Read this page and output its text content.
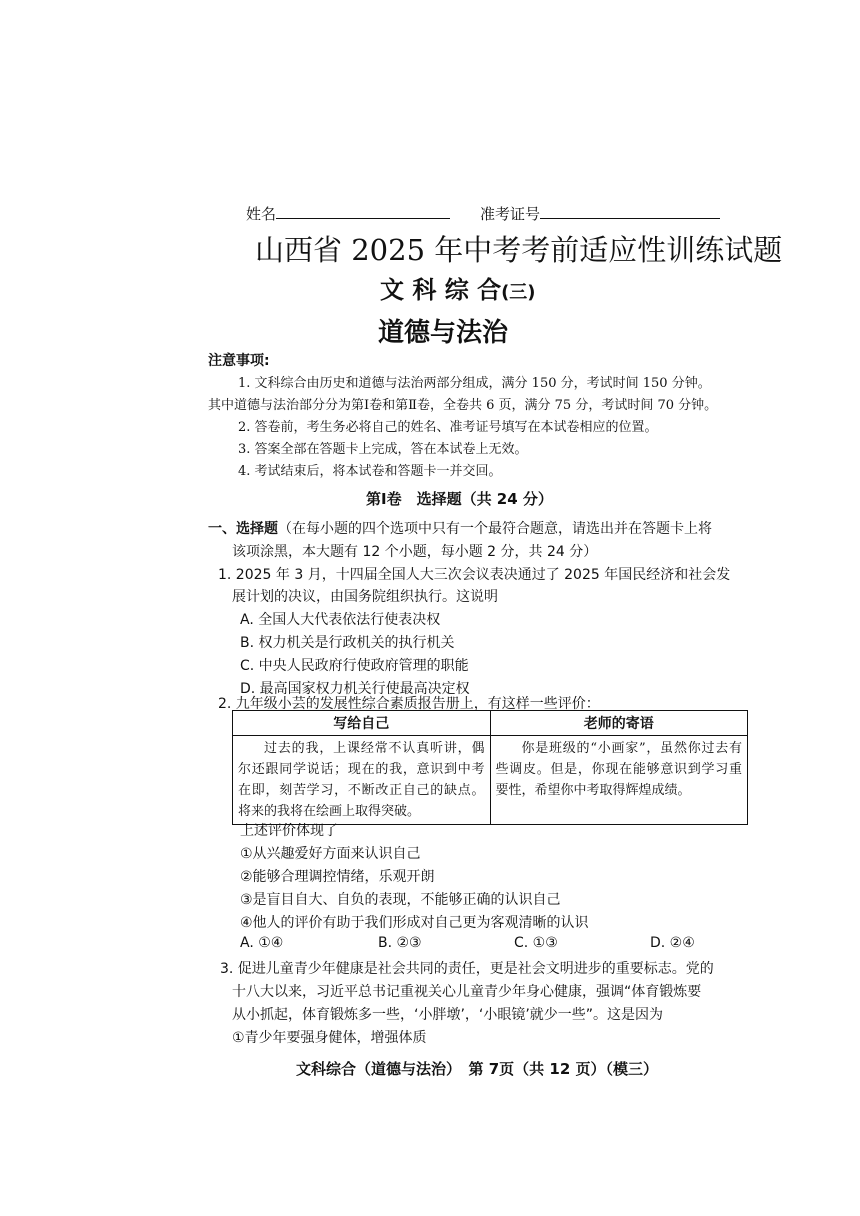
姓名	准考证号
山西省 2025 年中考考前适应性训练试题
文 科 综 合(三)
道德与法治
注意事项:
1. 文科综合由历史和道德与法治两部分组成，满分 150 分，考试时间 150 分钟。
其中道德与法治部分分为第Ⅰ卷和第Ⅱ卷，全卷共 6 页，满分 75 分，考试时间 70 分钟。
2. 答卷前，考生务必将自己的姓名、准考证号填写在本试卷相应的位置。
3. 答案全部在答题卡上完成，答在本试卷上无效。
4. 考试结束后，将本试卷和答题卡一并交回。
第Ⅰ卷　选择题（共 24 分）
一、选择题（在每小题的四个选项中只有一个最符合题意，请选出并在答题卡上将
该项涂黑，本大题有 12 个小题，每小题 2 分，共 24 分）
1. 2025 年 3 月，十四届全国人大三次会议表决通过了 2025 年国民经济和社会发
展计划的决议，由国务院组织执行。这说明
A. 全国人大代表依法行使表决权
B. 权力机关是行政机关的执行机关
C. 中央人民政府行使政府管理的职能
D. 最高国家权力机关行使最高决定权
2. 九年级小芸的发展性综合素质报告册上，有这样一些评价：
写给自己	老师的寄语
过去的我，上课经常不认真听讲，偶尔还跟同学说话；现在的我，意识到中考在即，刻苦学习，不断改正自己的缺点。将来的我将在绘画上取得突破。	你是班级的“小画家”，虽然你过去有些调皮。但是，你现在能够意识到学习重要性，希望你中考取得辉煌成绩。
上述评价体现了
①从兴趣爱好方面来认识自己
②能够合理调控情绪，乐观开朗
③是盲目自大、自负的表现，不能够正确的认识自己
④他人的评价有助于我们形成对自己更为客观清晰的认识
A. ①④	B. ②③	C. ①③	D. ②④
3. 促进儿童青少年健康是社会共同的责任，更是社会文明进步的重要标志。党的
十八大以来，习近平总书记重视关心儿童青少年身心健康，强调“体育锻炼要
从小抓起，体育锻炼多一些，‘小胖墩’，‘小眼镜’就少一些”。这是因为
①青少年要强身健体，增强体质
文科综合（道德与法治）　第 7页（共 12 页）（模三）
